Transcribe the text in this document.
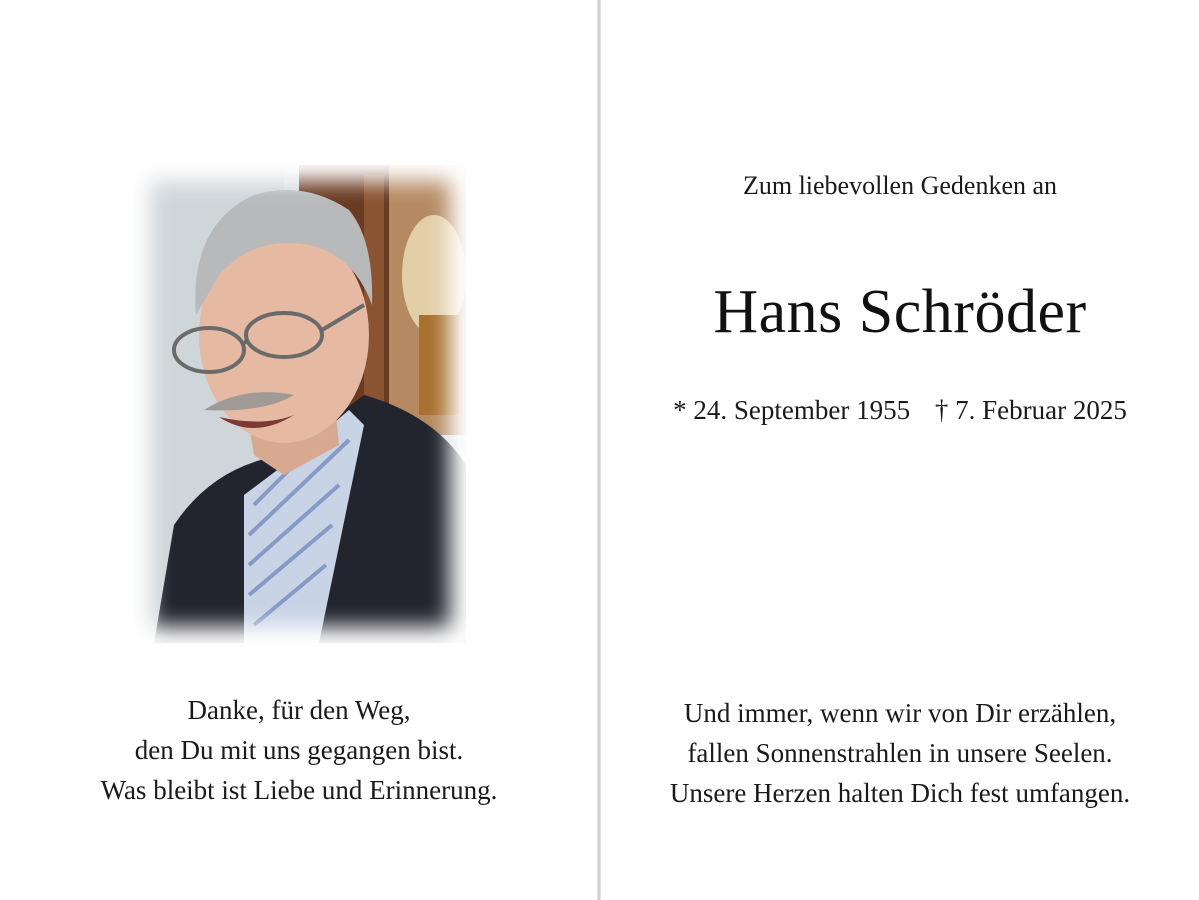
Danke, für den Weg,
den Du mit uns gegangen bist.
Was bleibt ist Liebe und Erinnerung.
Zum liebevollen Gedenken an
Hans Schröder
* 24. September 1955 † 7. Februar 2025
Und immer, wenn wir von Dir erzählen,
fallen Sonnenstrahlen in unsere Seelen.
Unsere Herzen halten Dich fest umfangen.
